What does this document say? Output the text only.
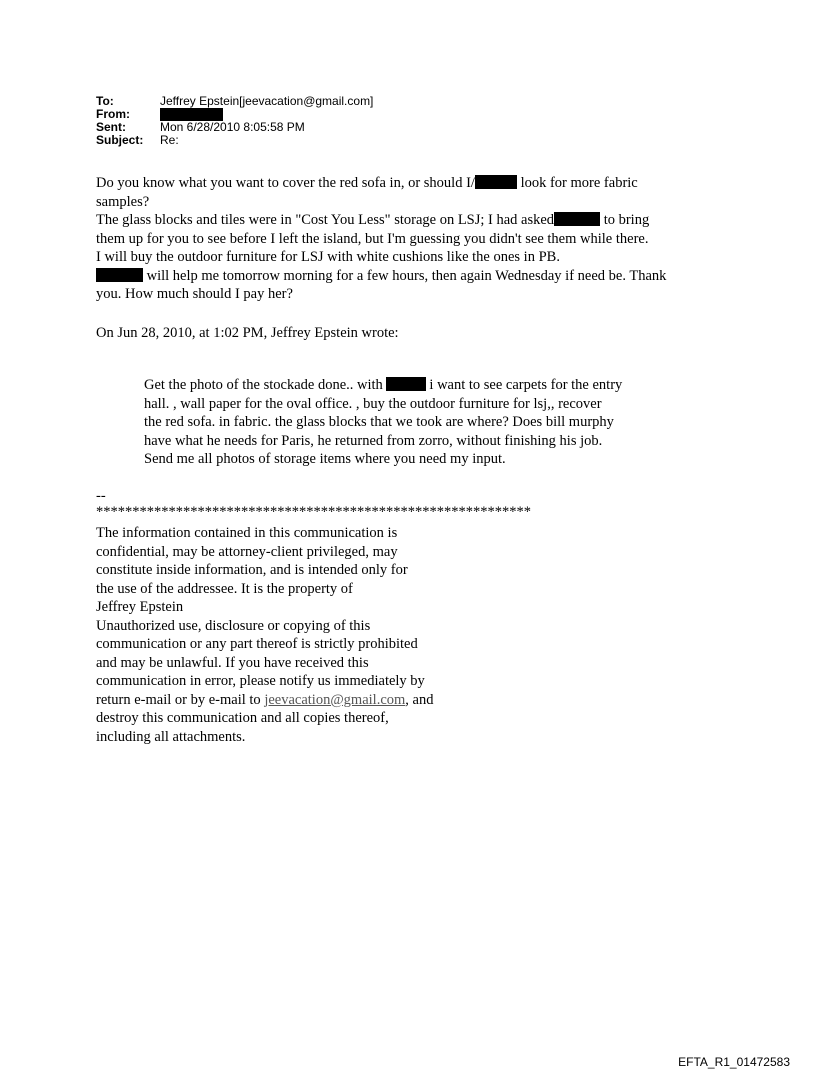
To:	Jeffrey Epstein[jeevacation@gmail.com]
From:
Sent:	Mon 6/28/2010 8:05:58 PM
Subject: Re:
Do you know what you want to cover the red sofa in, or should I/	look for more fabric
samples?
The glass blocks and tiles were in "Cost You Less" storage on LSJ; I had asked	to bring
them up for you to see before I left the island, but I'm guessing you didn't see them while there.
I will buy the outdoor furniture for LSJ with white cushions like the ones in PB.
will help me tomorrow morning for a few hours, then again Wednesday if need be. Thank
you. How much should I pay her?
On Jun 28, 2010, at 1:02 PM, Jeffrey Epstein wrote:
Get the photo of the stockade done.. with	i want to see carpets for the entry
hall. , wall paper for the oval office. , buy the outdoor furniture for lsj,, recover
the red sofa. in fabric. the glass blocks that we took are where? Does bill murphy
have what he needs for Paris, he returned from zorro, without finishing his job.
Send me all photos of storage items where you need my input.
--
************************************************************
The information contained in this communication is
confidential, may be attorney-client privileged, may
constitute inside information, and is intended only for
the use of the addressee. It is the property of
Jeffrey Epstein
Unauthorized use, disclosure or copying of this
communication or any part thereof is strictly prohibited
and may be unlawful. If you have received this
communication in error, please notify us immediately by
return e-mail or by e-mail to jeevacation@gmail.com, and
destroy this communication and all copies thereof,
including all attachments.
EFTA_R1_01472583
